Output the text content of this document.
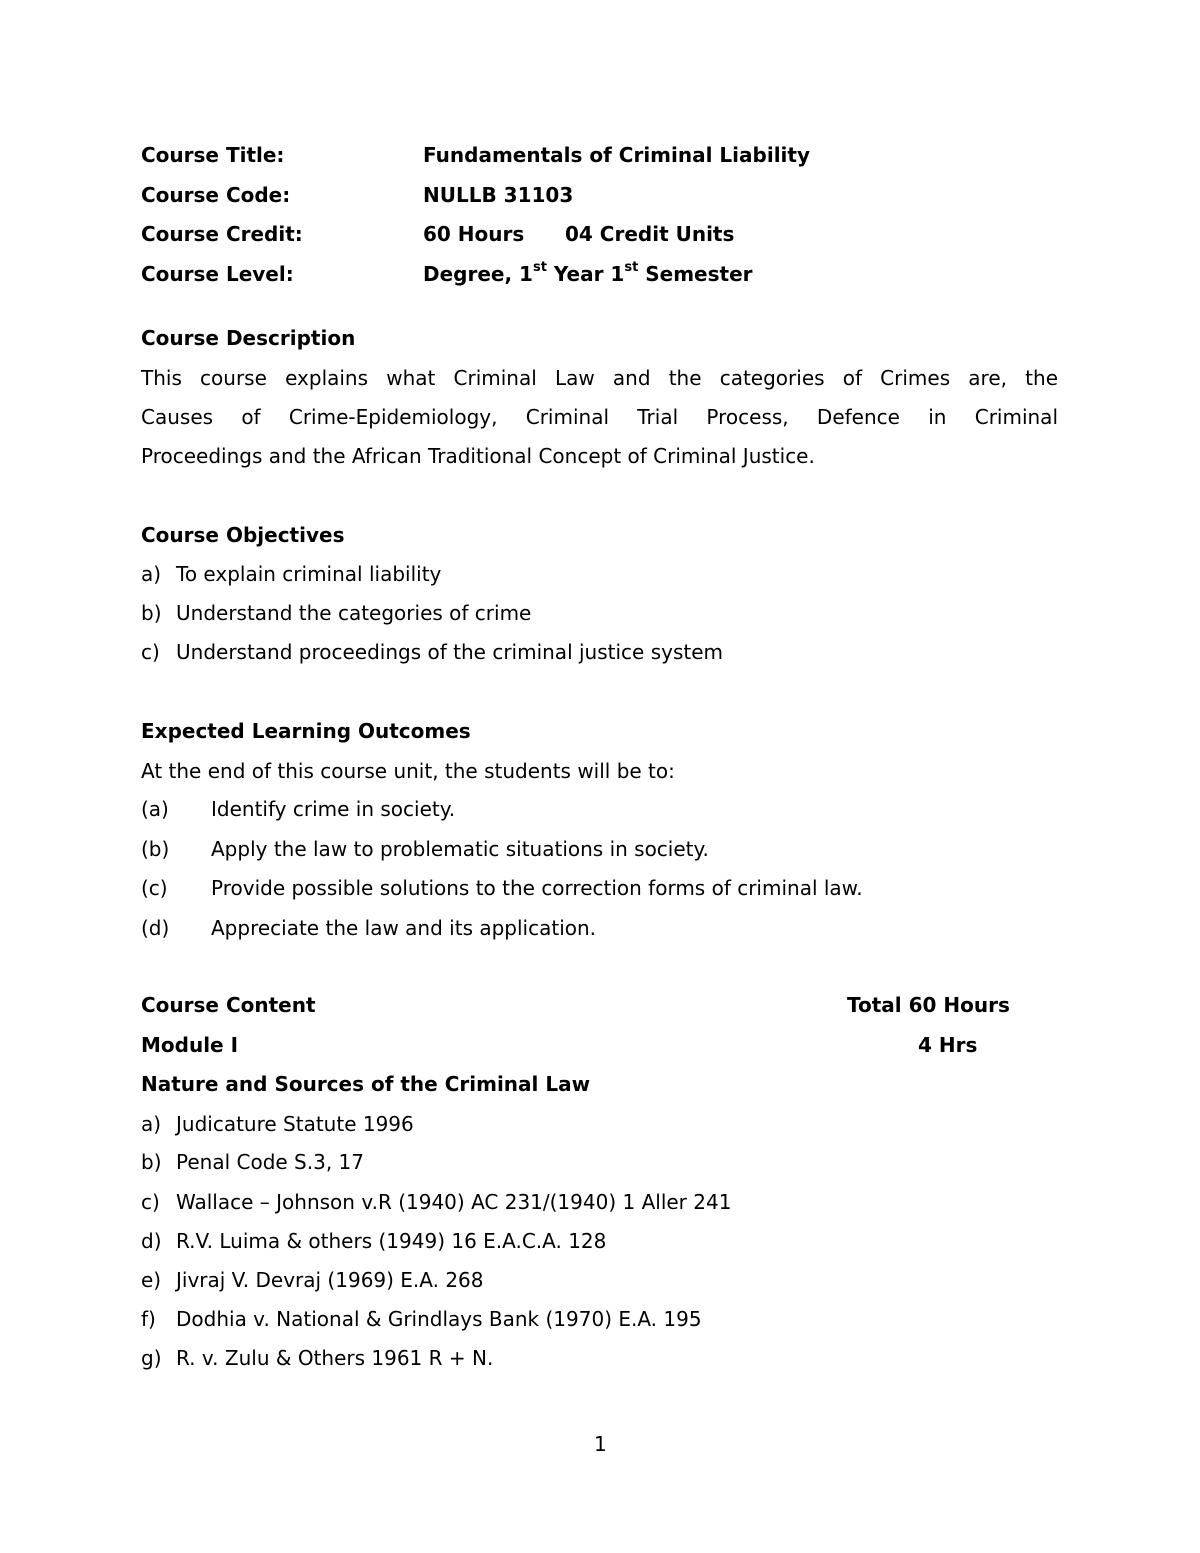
Course Title:	Fundamentals of Criminal Liability
Course Code:	NULLB 31103
Course Credit:	60 Hours 04 Credit Units
Course Level:	Degree, 1st Year 1st Semester
Course Description
This course explains what Criminal Law and the categories of Crimes are, the
Causes of Crime-Epidemiology, Criminal Trial Process, Defence in Criminal
Proceedings and the African Traditional Concept of Criminal Justice.
Course Objectives
a) To explain criminal liability
b) Understand the categories of crime
c) Understand proceedings of the criminal justice system
Expected Learning Outcomes
At the end of this course unit, the students will be to:
(a) Identify crime in society.
(b) Apply the law to problematic situations in society.
(c) Provide possible solutions to the correction forms of criminal law.
(d) Appreciate the law and its application.
Course Content	Total 60 Hours
Module I	4 Hrs
Nature and Sources of the Criminal Law
a) Judicature Statute 1996
b) Penal Code S.3, 17
c) Wallace – Johnson v.R (1940) AC 231/(1940) 1 Aller 241
d) R.V. Luima & others (1949) 16 E.A.C.A. 128
e) Jivraj V. Devraj (1969) E.A. 268
f) Dodhia v. National & Grindlays Bank (1970) E.A. 195
g) R. v. Zulu & Others 1961 R + N.
1
